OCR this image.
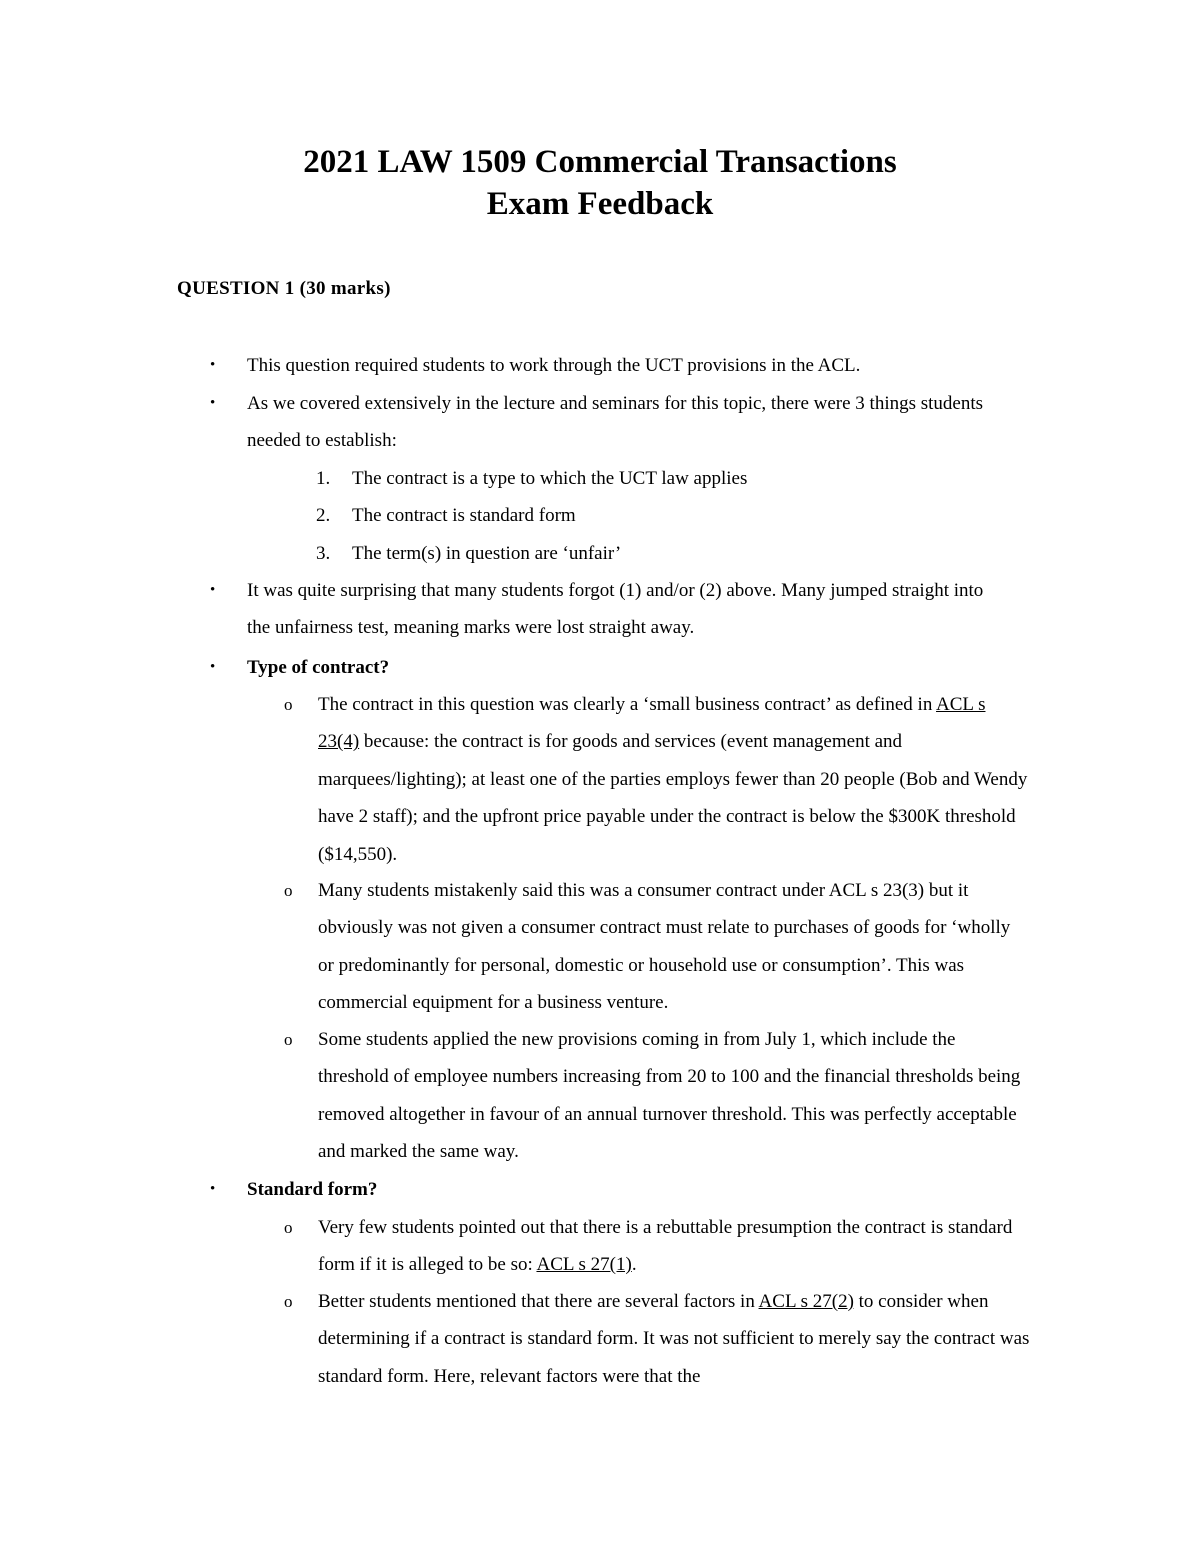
2021 LAW 1509 Commercial Transactions
Exam Feedback
QUESTION 1 (30 marks)
• This question required students to work through the UCT provisions in the ACL.
• As we covered extensively in the lecture and seminars for this topic, there were 3 things students needed to establish:
1. The contract is a type to which the UCT law applies
2. The contract is standard form
3. The term(s) in question are ‘unfair’
• It was quite surprising that many students forgot (1) and/or (2) above. Many jumped straight into the unfairness test, meaning marks were lost straight away.
• Type of contract?
o The contract in this question was clearly a ‘small business contract’ as defined in ACL s 23(4) because: the contract is for goods and services (event management and marquees/lighting); at least one of the parties employs fewer than 20 people (Bob and Wendy have 2 staff); and the upfront price payable under the contract is below the $300K threshold ($14,550).
o Many students mistakenly said this was a consumer contract under ACL s 23(3) but it obviously was not given a consumer contract must relate to purchases of goods for ‘wholly or predominantly for personal, domestic or household use or consumption’. This was commercial equipment for a business venture.
o Some students applied the new provisions coming in from July 1, which include the threshold of employee numbers increasing from 20 to 100 and the financial thresholds being removed altogether in favour of an annual turnover threshold. This was perfectly acceptable and marked the same way.
• Standard form?
o Very few students pointed out that there is a rebuttable presumption the contract is standard form if it is alleged to be so: ACL s 27(1).
o Better students mentioned that there are several factors in ACL s 27(2) to consider when determining if a contract is standard form. It was not sufficient to merely say the contract was standard form. Here, relevant factors were that the
